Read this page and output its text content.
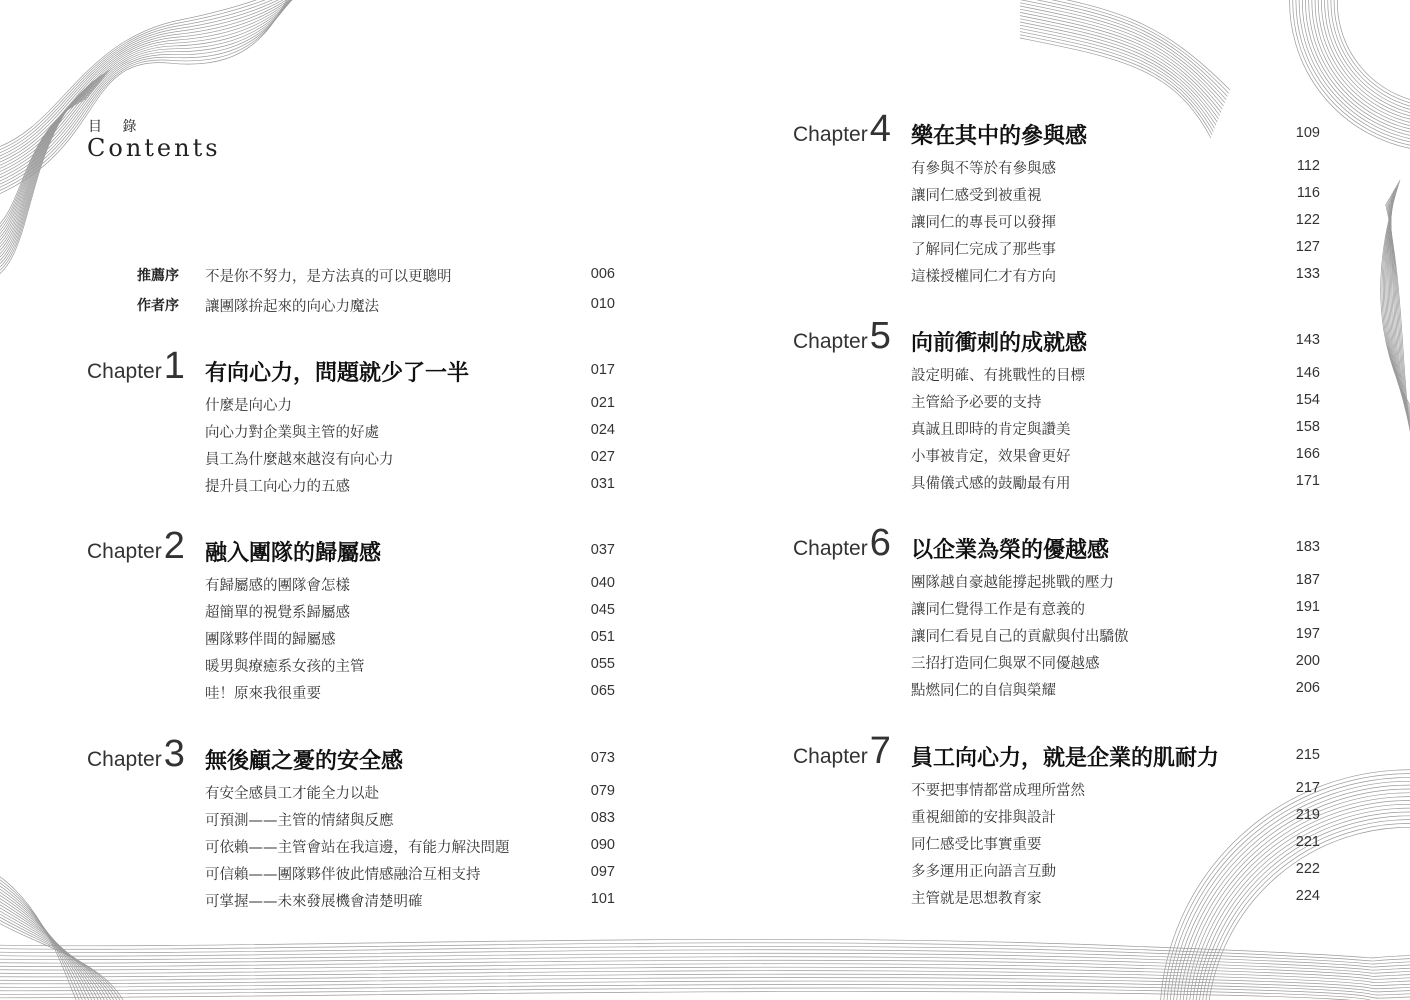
目 錄
Contents
推薦序 不是你不努力，是方法真的可以更聰明	006
作者序 讓團隊拚起來的向心力魔法	010
Chapter 1 有向心力，問題就少了一半	017
什麼是向心力	021
向心力對企業與主管的好處	024
員工為什麼越來越沒有向心力	027
提升員工向心力的五感	031
Chapter 2 融入團隊的歸屬感	037
有歸屬感的團隊會怎樣	040
超簡單的視覺系歸屬感	045
團隊夥伴間的歸屬感	051
暖男與療癒系女孩的主管	055
哇！原來我很重要	065
Chapter 3 無後顧之憂的安全感	073
有安全感員工才能全力以赴	079
可預測——主管的情緒與反應	083
可依賴——主管會站在我這邊，有能力解決問題	090
可信賴——團隊夥伴彼此情感融洽互相支持	097
可掌握——未來發展機會清楚明確	101
Chapter 4 樂在其中的參與感	109
有參與不等於有參與感	112
讓同仁感受到被重視	116
讓同仁的專長可以發揮	122
了解同仁完成了那些事	127
這樣授權同仁才有方向	133
Chapter 5 向前衝刺的成就感	143
設定明確、有挑戰性的目標	146
主管給予必要的支持	154
真誠且即時的肯定與讚美	158
小事被肯定，效果會更好	166
具備儀式感的鼓勵最有用	171
Chapter 6 以企業為榮的優越感	183
團隊越自豪越能撐起挑戰的壓力	187
讓同仁覺得工作是有意義的	191
讓同仁看見自己的貢獻與付出驕傲	197
三招打造同仁與眾不同優越感	200
點燃同仁的自信與榮耀	206
Chapter 7 員工向心力，就是企業的肌耐力	215
不要把事情都當成理所當然	217
重視細節的安排與設計	219
同仁感受比事實重要	221
多多運用正向語言互動	222
主管就是思想教育家	224
